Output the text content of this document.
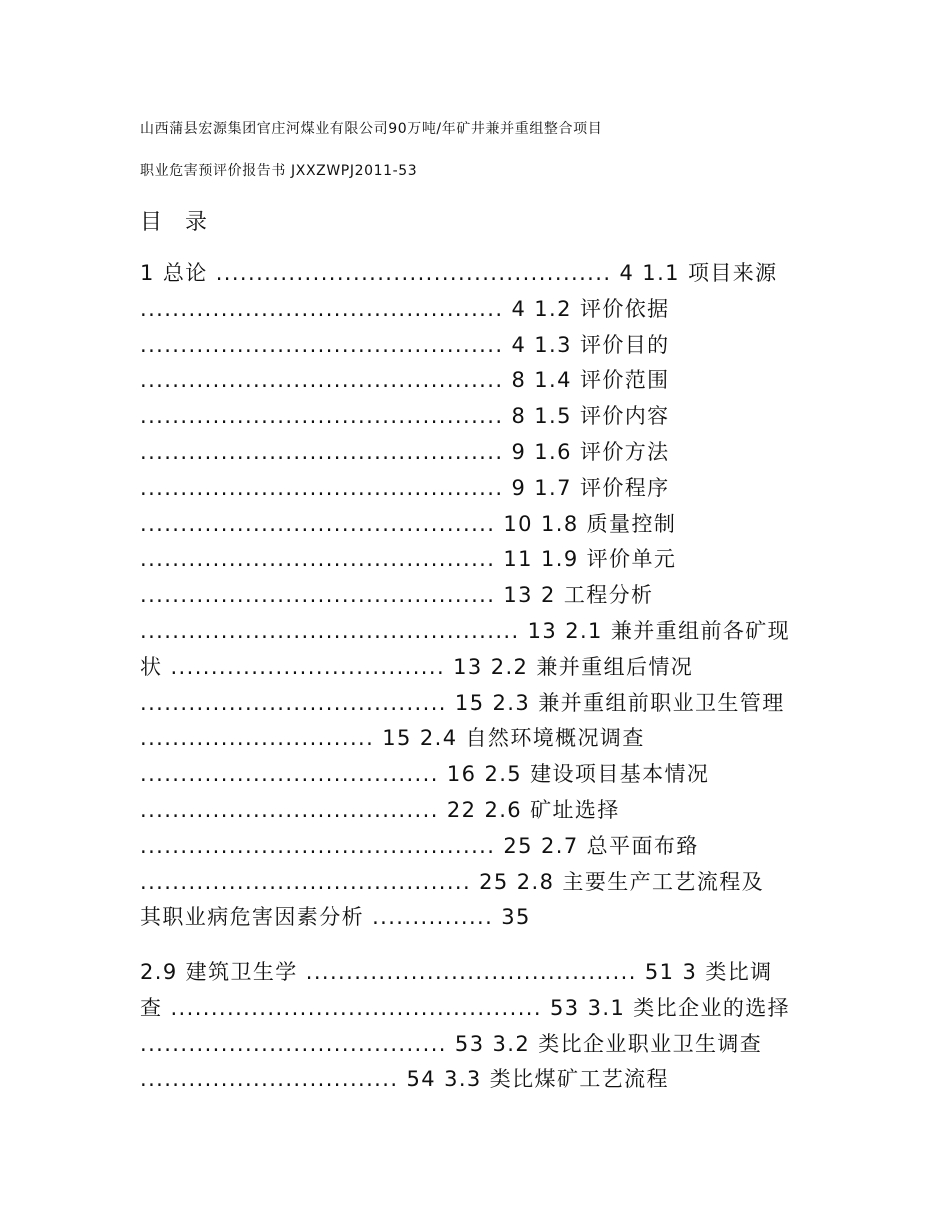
山西蒲县宏源集团官庄河煤业有限公司90万吨/年矿井兼并重组整合项目
职业危害预评价报告书 JXXZWPJ2011-53
目 录
1 总论 ................................................. 4 1.1 项目来源
............................................. 4 1.2 评价依据
............................................. 4 1.3 评价目的
............................................. 8 1.4 评价范围
............................................. 8 1.5 评价内容
............................................. 9 1.6 评价方法
............................................. 9 1.7 评价程序
............................................ 10 1.8 质量控制
............................................ 11 1.9 评价单元
............................................ 13 2 工程分析
............................................... 13 2.1 兼并重组前各矿现
状 .................................. 13 2.2 兼并重组后情况
...................................... 15 2.3 兼并重组前职业卫生管理
............................. 15 2.4 自然环境概况调查
..................................... 16 2.5 建设项目基本情况
..................................... 22 2.6 矿址选择
............................................ 25 2.7 总平面布臵
......................................... 25 2.8 主要生产工艺流程及
其职业病危害因素分析 ............... 35
2.9 建筑卫生学 ......................................... 51 3 类比调
查 .............................................. 53 3.1 类比企业的选择
...................................... 53 3.2 类比企业职业卫生调查
................................ 54 3.3 类比煤矿工艺流程
